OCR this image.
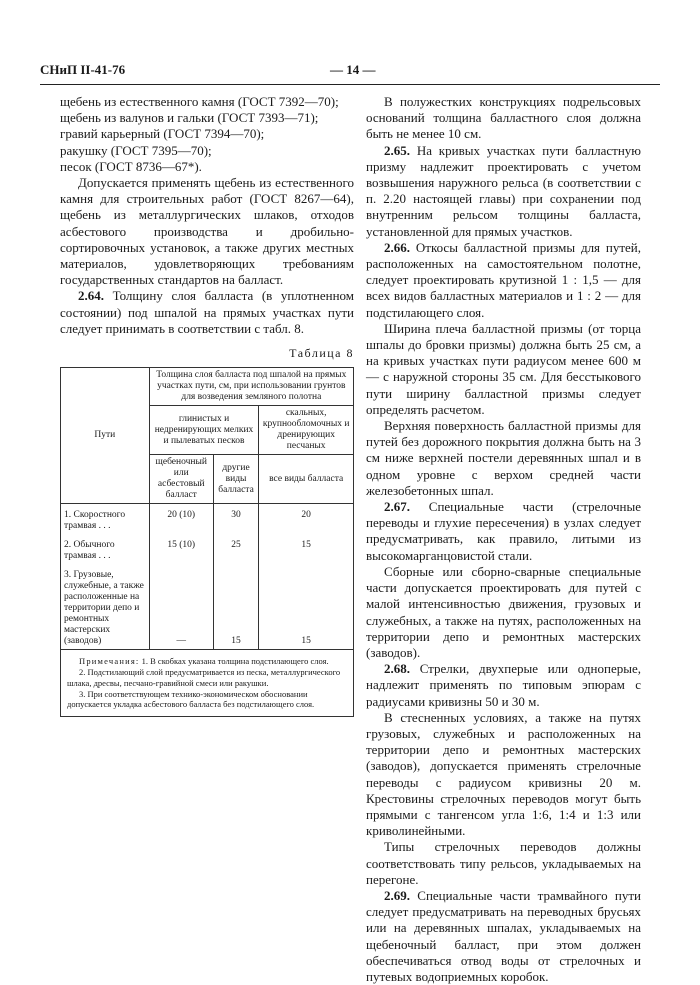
СНиП II-41-76	— 14 —

щебень из естественного камня (ГОСТ 7392—70);

щебень из валунов и гальки (ГОСТ 7393—71);

гравий карьерный (ГОСТ 7394—70);

ракушку (ГОСТ 7395—70);

песок (ГОСТ 8736—67*).

Допускается применять щебень из естественного камня для строительных работ (ГОСТ 8267—64), щебень из металлургических шлаков, отходов асбестового производства и дробильно-сортировочных установок, а также других местных материалов, удовлетворяющих требованиям государственных стандартов на балласт.

2.64. Толщину слоя балласта (в уплотненном состоянии) под шпалой на прямых участках пути следует принимать в соответствии с табл. 8.

Таблица 8

Пути	Толщина слоя балласта под шпалой на прямых участках пути, см, при использовании грунтов для возведения земляного полотна		
	глинистых и недренирующих мелких и пылеватых песков		скальных, крупнообломочных и дренирующих песчаных
	щебеночный или асбестовый балласт	другие виды балласта	все виды балласта
1. Скоростного трамвая . . .	20 (10)	30	20
2. Обычного трамвая . . .	15 (10)	25	15
3. Грузовые, служебные, а также расположенные на территории депо и ремонтных мастерских (заводов)	—	15	15

Примечания: 1. В скобках указана толщина подстилающего слоя.

2. Подстилающий слой предусматривается из песка, металлургического шлака, дресвы, песчано-гравийной смеси или ракушки.

3. При соответствующем технико-экономическом обосновании допускается укладка асбестового балласта без подстилающего слоя.			

В полужестких конструкциях подрельсовых оснований толщина балластного слоя должна быть не менее 10 см.

2.65. На кривых участках пути балластную призму надлежит проектировать с учетом возвышения наружного рельса (в соответствии с п. 2.20 настоящей главы) при сохранении под внутренним рельсом толщины балласта, установленной для прямых участков.

2.66. Откосы балластной призмы для путей, расположенных на самостоятельном полотне, следует проектировать крутизной 1 : 1,5 — для всех видов балластных материалов и 1 : 2 — для подстилающего слоя.

Ширина плеча балластной призмы (от торца шпалы до бровки призмы) должна быть 25 см, а на кривых участках пути радиусом менее 600 м — с наружной стороны 35 см. Для бесстыкового пути ширину балластной призмы следует определять расчетом.

Верхняя поверхность балластной призмы для путей без дорожного покрытия должна быть на 3 см ниже верхней постели деревянных шпал и в одном уровне с верхом средней части железобетонных шпал.

2.67. Специальные части (стрелочные переводы и глухие пересечения) в узлах следует предусматривать, как правило, литыми из высокомарганцовистой стали.

Сборные или сборно-сварные специальные части допускается проектировать для путей с малой интенсивностью движения, грузовых и служебных, а также на путях, расположенных на территории депо и ремонтных мастерских (заводов).

2.68. Стрелки, двухперые или одноперые, надлежит применять по типовым эпюрам с радиусами кривизны 50 и 30 м.

В стесненных условиях, а также на путях грузовых, служебных и расположенных на территории депо и ремонтных мастерских (заводов), допускается применять стрелочные переводы с радиусом кривизны 20 м. Крестовины стрелочных переводов могут быть прямыми с тангенсом угла 1:6, 1:4 и 1:3 или криволинейными.

Типы стрелочных переводов должны соответствовать типу рельсов, укладываемых на перегоне.

2.69. Специальные части трамвайного пути следует предусматривать на переводных брусьях или на деревянных шпалах, укладываемых на щебеночный балласт, при этом должен обеспечиваться отвод воды от стрелочных и путевых водоприемных коробок.
